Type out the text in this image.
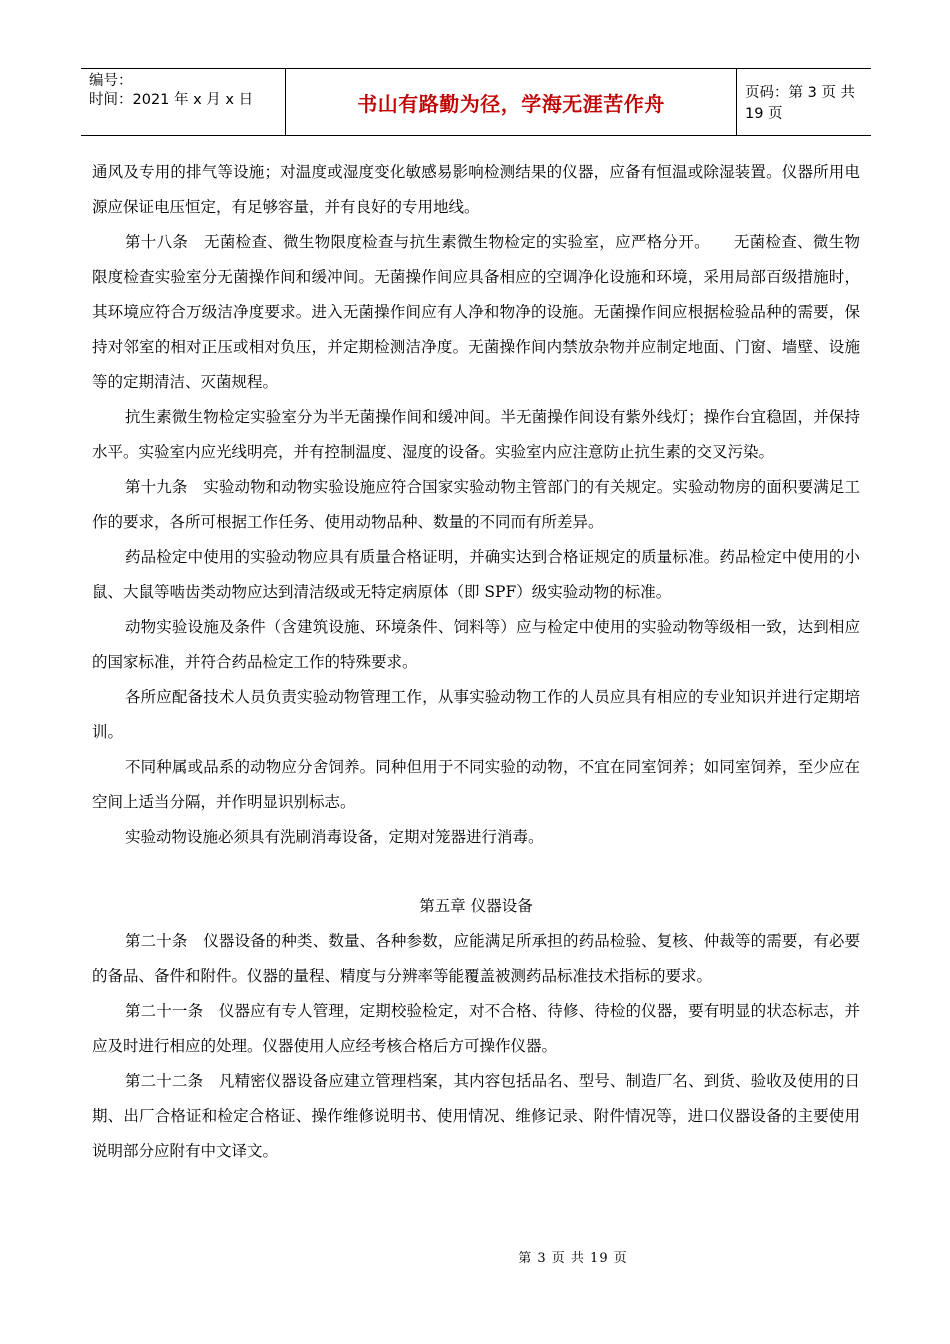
编号：
时间：2021 年 x 月 x 日	书山有路勤为径，学海无涯苦作舟	页码：第 3 页 共 19 页

通风及专用的排气等设施；对温度或湿度变化敏感易影响检测结果的仪器，应备有恒温或除湿装置。仪器所用电源应保证电压恒定，有足够容量，并有良好的专用地线。

第十八条　无菌检查、微生物限度检查与抗生素微生物检定的实验室，应严格分开。　　无菌检查、微生物限度检查实验室分无菌操作间和缓冲间。无菌操作间应具备相应的空调净化设施和环境，采用局部百级措施时，其环境应符合万级洁净度要求。进入无菌操作间应有人净和物净的设施。无菌操作间应根据检验品种的需要，保持对邻室的相对正压或相对负压，并定期检测洁净度。无菌操作间内禁放杂物并应制定地面、门窗、墙壁、设施等的定期清洁、灭菌规程。

抗生素微生物检定实验室分为半无菌操作间和缓冲间。半无菌操作间设有紫外线灯；操作台宜稳固，并保持水平。实验室内应光线明亮，并有控制温度、湿度的设备。实验室内应注意防止抗生素的交叉污染。

第十九条　实验动物和动物实验设施应符合国家实验动物主管部门的有关规定。实验动物房的面积要满足工作的要求，各所可根据工作任务、使用动物品种、数量的不同而有所差异。

药品检定中使用的实验动物应具有质量合格证明，并确实达到合格证规定的质量标准。药品检定中使用的小鼠、大鼠等啮齿类动物应达到清洁级或无特定病原体（即 SPF）级实验动物的标准。

动物实验设施及条件（含建筑设施、环境条件、饲料等）应与检定中使用的实验动物等级相一致，达到相应的国家标准，并符合药品检定工作的特殊要求。

各所应配备技术人员负责实验动物管理工作，从事实验动物工作的人员应具有相应的专业知识并进行定期培训。

不同种属或品系的动物应分舍饲养。同种但用于不同实验的动物，不宜在同室饲养；如同室饲养，至少应在空间上适当分隔，并作明显识别标志。

实验动物设施必须具有洗刷消毒设备，定期对笼器进行消毒。

第五章 仪器设备

第二十条　仪器设备的种类、数量、各种参数，应能满足所承担的药品检验、复核、仲裁等的需要，有必要的备品、备件和附件。仪器的量程、精度与分辨率等能覆盖被测药品标准技术指标的要求。

第二十一条　仪器应有专人管理，定期校验检定，对不合格、待修、待检的仪器，要有明显的状态标志，并应及时进行相应的处理。仪器使用人应经考核合格后方可操作仪器。

第二十二条　凡精密仪器设备应建立管理档案，其内容包括品名、型号、制造厂名、到货、验收及使用的日期、出厂合格证和检定合格证、操作维修说明书、使用情况、维修记录、附件情况等，进口仪器设备的主要使用说明部分应附有中文译文。

第 3 页 共 19 页
